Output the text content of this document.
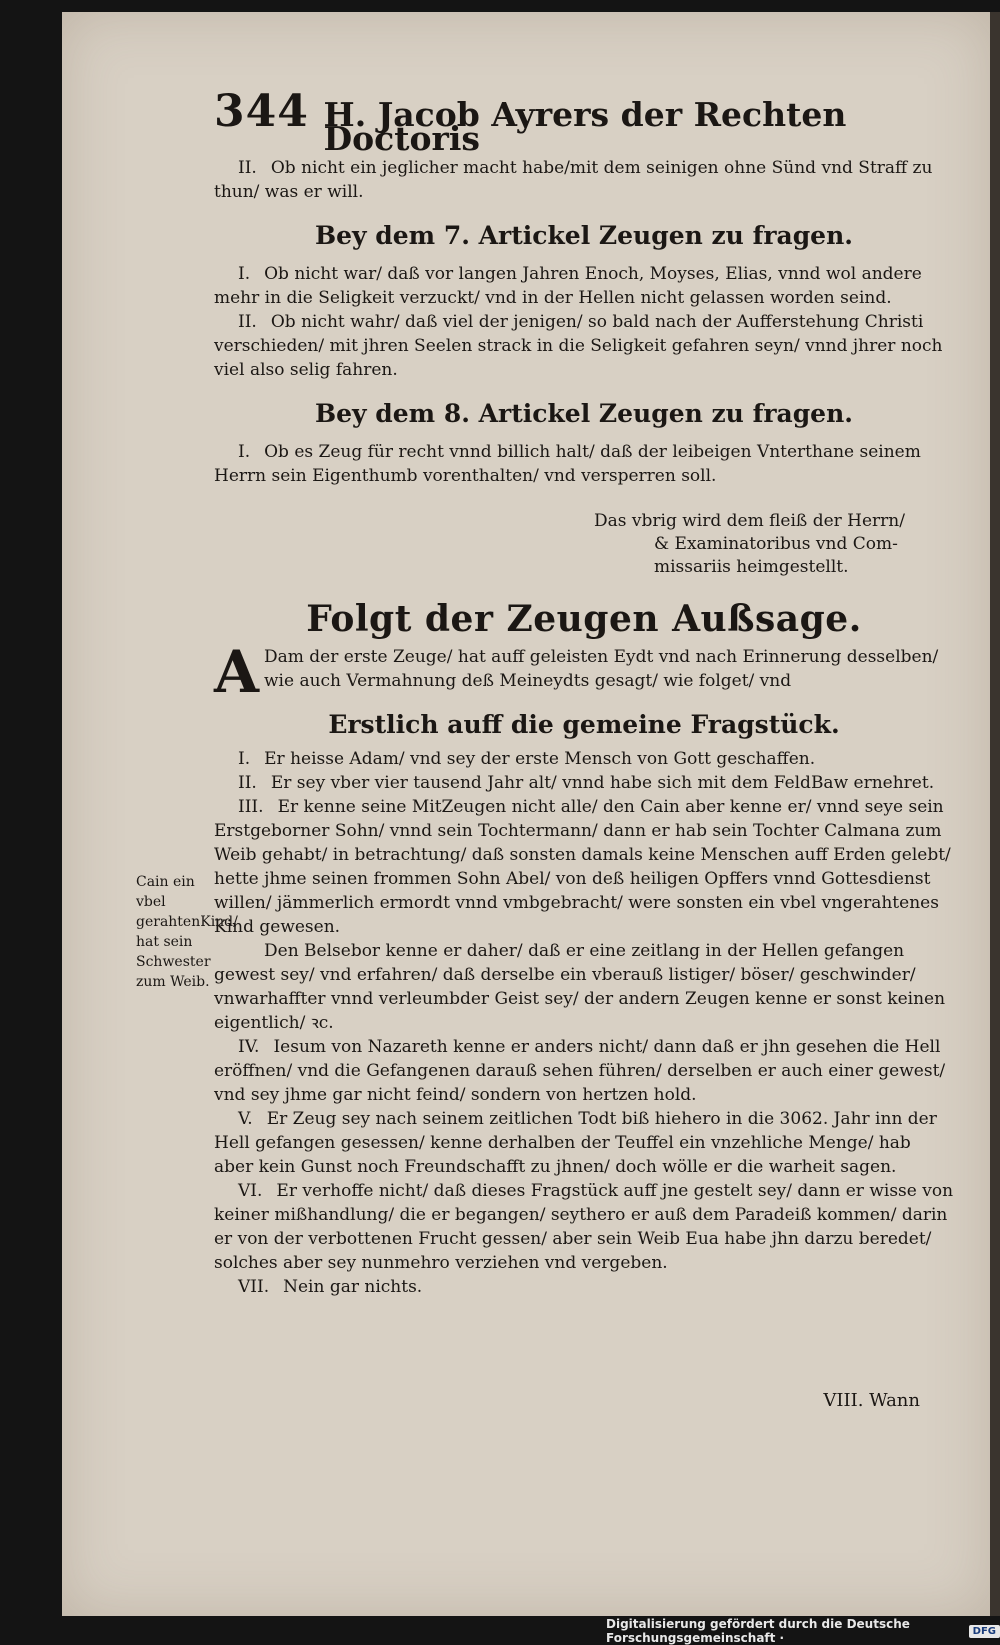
344 H. Jacob Ayrers der Rechten Doctoris

II. Ob nicht ein jeglicher macht habe/mit dem seinigen ohne Sünd vnd Straff zu thun/ was er will.

Bey dem 7. Artickel Zeugen zu fragen.

I. Ob nicht war/ daß vor langen Jahren Enoch, Moyses, Elias, vnnd wol andere mehr in die Seligkeit verzuckt/ vnd in der Hellen nicht gelassen worden seind.

II. Ob nicht wahr/ daß viel der jenigen/ so bald nach der Aufferstehung Christi verschieden/ mit jhren Seelen strack in die Seligkeit gefahren seyn/ vnnd jhrer noch viel also selig fahren.

Bey dem 8. Artickel Zeugen zu fragen.

I. Ob es Zeug für recht vnnd billich halt/ daß der leibeigen Vnterthane seinem Herrn sein Eigenthumb vorenthalten/ vnd versperren soll.

Das vbrig wird dem fleiß der Herrn/
& Examinatoribus vnd Com-
missariis heimgestellt.
Folgt der Zeugen Außsage.
A Dam der erste Zeuge/ hat auff geleisten Eydt vnd nach Erinnerung desselben/ wie auch Vermahnung deß Meineydts gesagt/ wie folget/ vnd
Erstlich auff die gemeine Fragstück.

I. Er heisse Adam/ vnd sey der erste Mensch von Gott geschaffen.

II. Er sey vber vier tausend Jahr alt/ vnnd habe sich mit dem FeldBaw ernehret.

III. Er kenne seine MitZeugen nicht alle/ den Cain aber kenne er/ vnnd seye sein Erstgeborner Sohn/ vnnd sein Tochtermann/ dann er hab sein Tochter Calmana zum Weib gehabt/ in betrachtung/ daß sonsten damals keine Menschen auff Erden gelebt/ hette jhme seinen frommen Sohn Abel/ von deß heiligen Opffers vnnd Gottesdienst willen/ jämmerlich ermordt vnnd vmbgebracht/ were sonsten ein vbel vngerahtenes Kind gewesen.

Den Belsebor kenne er daher/ daß er eine zeitlang in der Hellen gefangen gewest sey/ vnd erfahren/ daß derselbe ein vberauß listiger/ böser/ geschwinder/ vnwarhaffter vnnd verleumbder Geist sey/ der andern Zeugen kenne er sonst keinen eigentlich/ ꝛc.

IV. Iesum von Nazareth kenne er anders nicht/ dann daß er jhn gesehen die Hell eröffnen/ vnd die Gefangenen darauß sehen führen/ derselben er auch einer gewest/ vnd sey jhme gar nicht feind/ sondern von hertzen hold.

V. Er Zeug sey nach seinem zeitlichen Todt biß hiehero in die 3062. Jahr inn der Hell gefangen gesessen/ kenne derhalben der Teuffel ein vnzehliche Menge/ hab aber kein Gunst noch Freundschafft zu jhnen/ doch wölle er die warheit sagen.

VI. Er verhoffe nicht/ daß dieses Fragstück auff jne gestelt sey/ dann er wisse von keiner mißhandlung/ die er begangen/ seythero er auß dem Paradeiß kommen/ darin er von der verbottenen Frucht gessen/ aber sein Weib Eua habe jhn darzu beredet/ solches aber sey nunmehro verziehen vnd vergeben.

VII. Nein gar nichts.

Cain ein vbel gerahtenKind/ hat sein Schwester zum Weib.
VIII. Wann
Digitalisierung gefördert durch die Deutsche Forschungsgemeinschaft ·	DFG
